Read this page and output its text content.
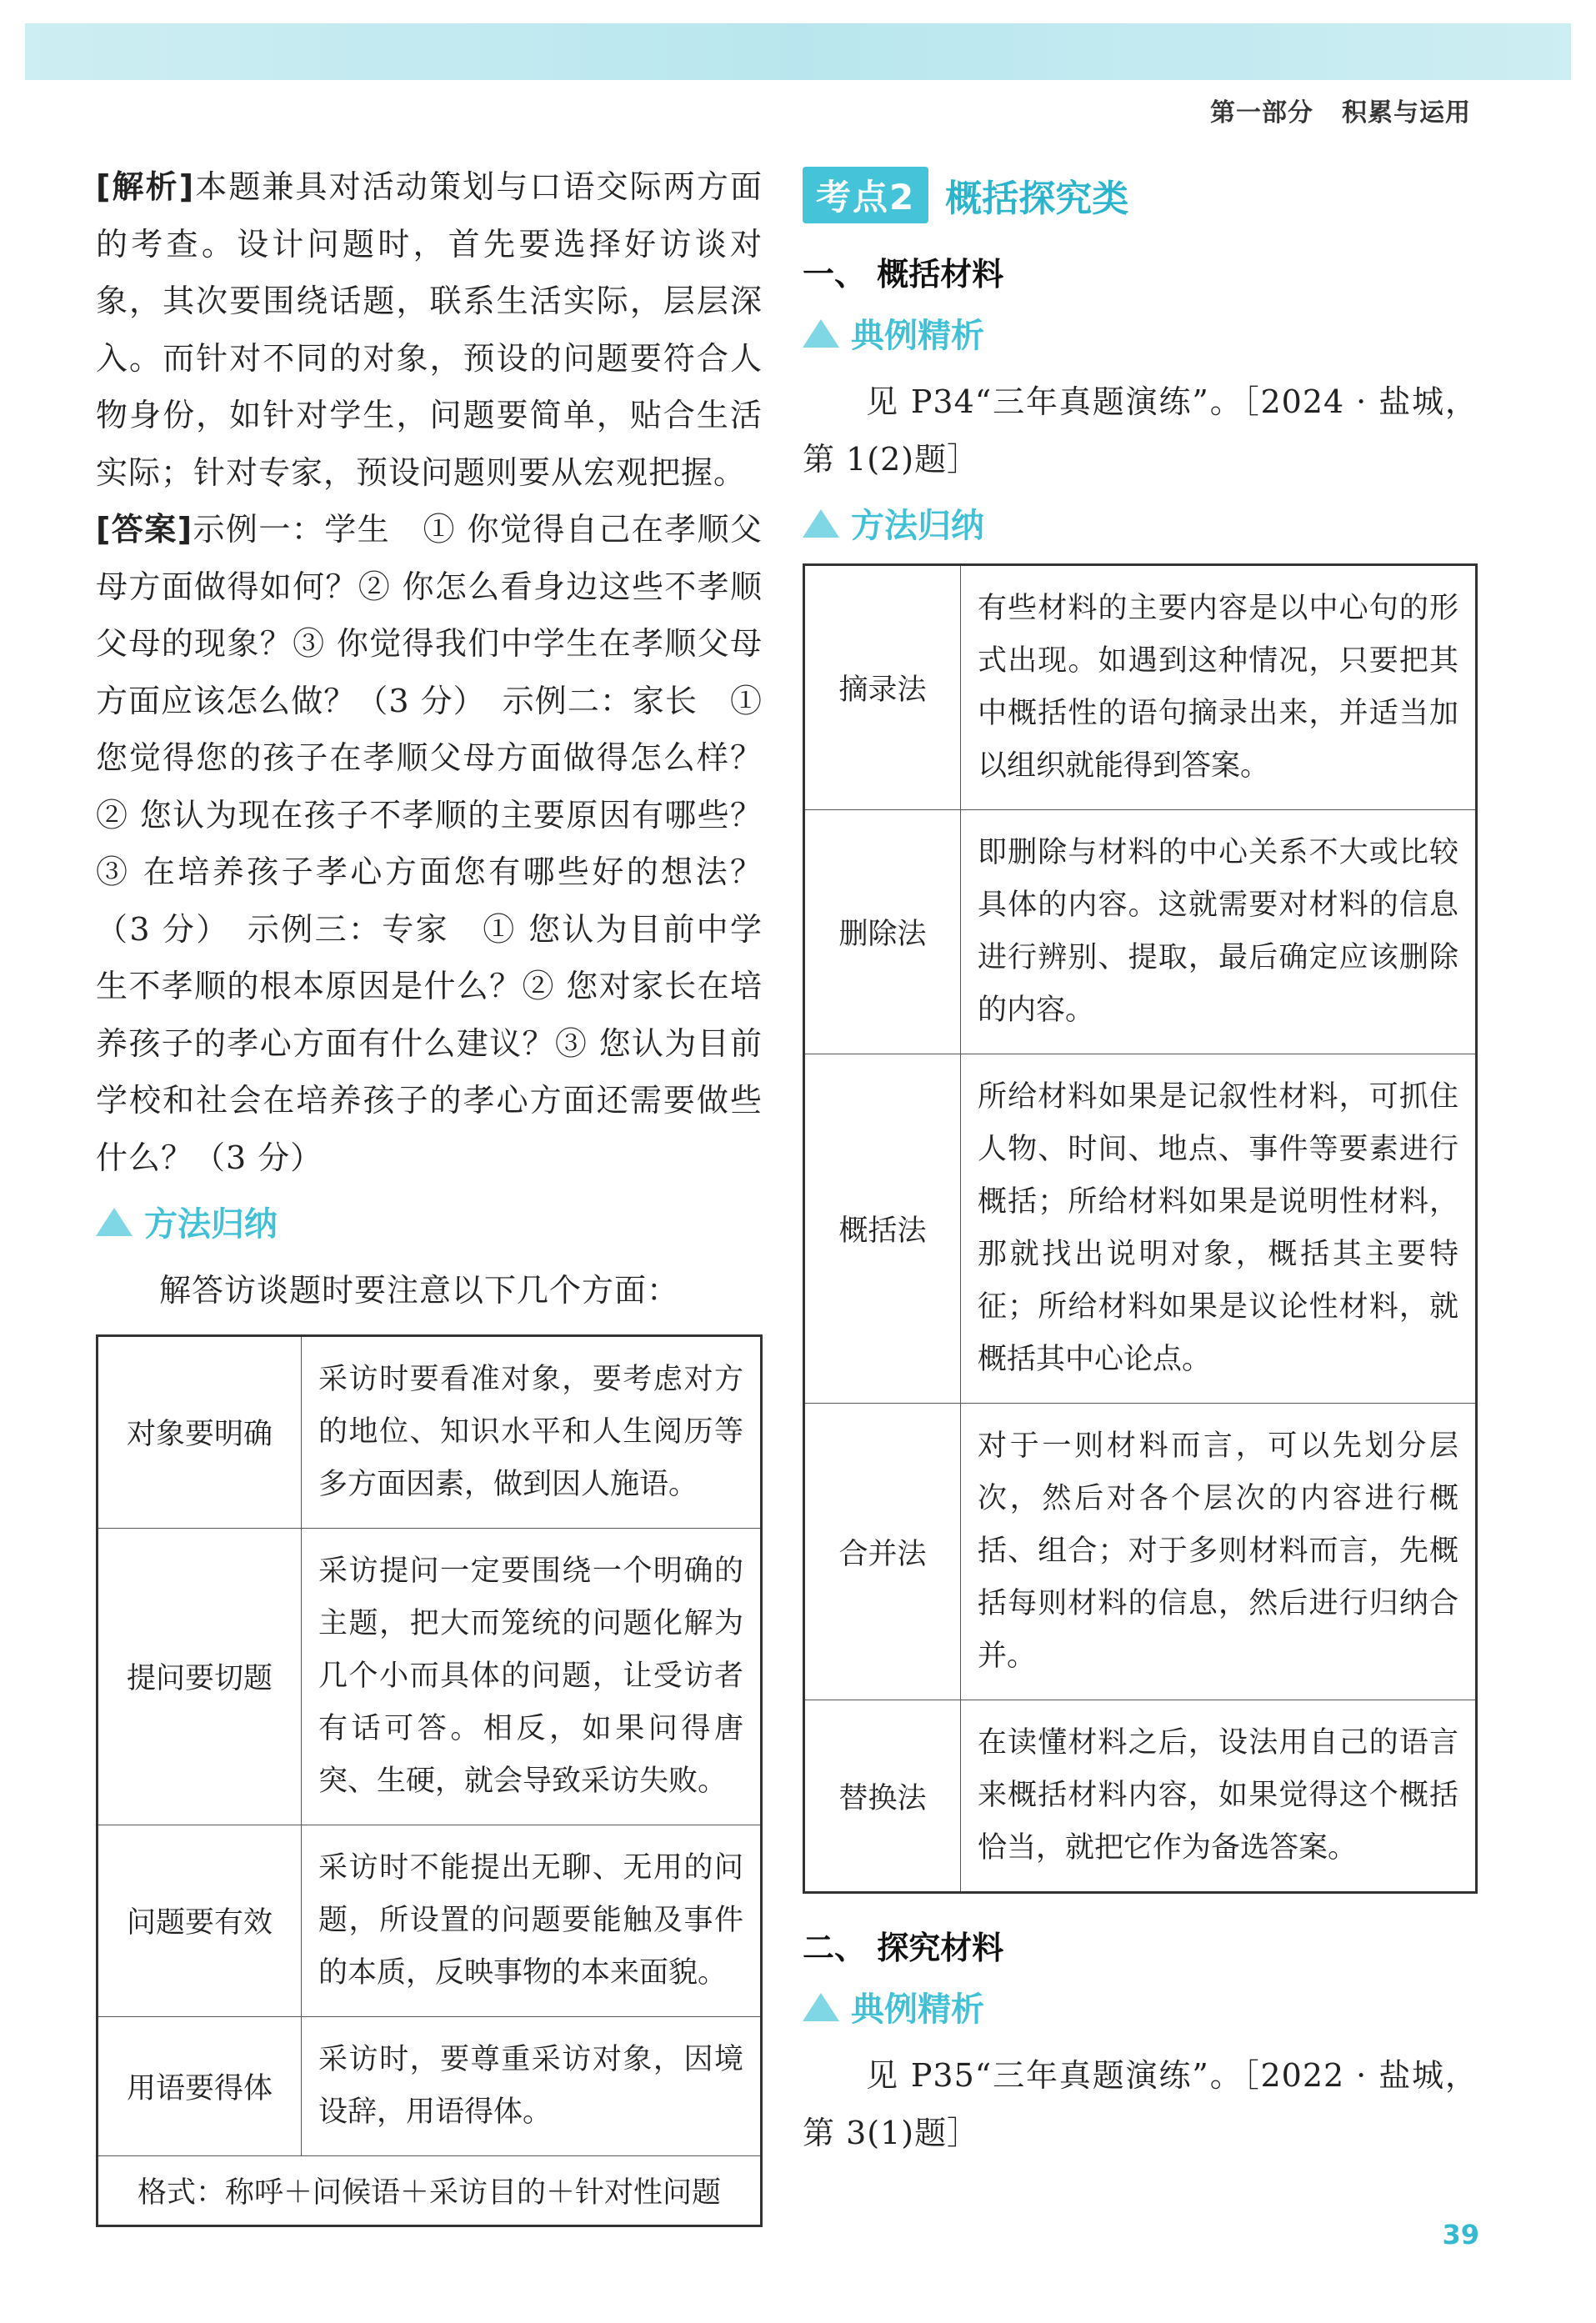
第一部分 积累与运用

[解析]本题兼具对活动策划与口语交际两方面的考查。设计问题时，首先要选择好访谈对象，其次要围绕话题，联系生活实际，层层深入。而针对不同的对象，预设的问题要符合人物身份，如针对学生，问题要简单，贴合生活实际；针对专家，预设问题则要从宏观把握。

[答案]示例一：学生　① 你觉得自己在孝顺父母方面做得如何？② 你怎么看身边这些不孝顺父母的现象？③ 你觉得我们中学生在孝顺父母方面应该怎么做？（3 分）　示例二：家长　① 您觉得您的孩子在孝顺父母方面做得怎么样？② 您认为现在孩子不孝顺的主要原因有哪些？③ 在培养孩子孝心方面您有哪些好的想法？（3 分）　示例三：专家　① 您认为目前中学生不孝顺的根本原因是什么？② 您对家长在培养孩子的孝心方面有什么建议？③ 您认为目前学校和社会在培养孩子的孝心方面还需要做些什么？（3 分）

方法归纳

解答访谈题时要注意以下几个方面：

对象要明确	采访时要看准对象，要考虑对方的地位、知识水平和人生阅历等多方面因素，做到因人施语。
提问要切题	采访提问一定要围绕一个明确的主题，把大而笼统的问题化解为几个小而具体的问题，让受访者有话可答。相反，如果问得唐突、生硬，就会导致采访失败。
问题要有效	采访时不能提出无聊、无用的问题，所设置的问题要能触及事件的本质，反映事物的本来面貌。
用语要得体	采访时，要尊重采访对象，因境设辞，用语得体。
格式：称呼＋问候语＋采访目的＋针对性问题	
考点2 概括探究类
一、 概括材料
典例精析

见 P34“三年真题演练”。［2024 · 盐城，第 1(2)题］

方法归纳
摘录法	有些材料的主要内容是以中心句的形式出现。如遇到这种情况，只要把其中概括性的语句摘录出来，并适当加以组织就能得到答案。
删除法	即删除与材料的中心关系不大或比较具体的内容。这就需要对材料的信息进行辨别、提取，最后确定应该删除的内容。
概括法	所给材料如果是记叙性材料，可抓住人物、时间、地点、事件等要素进行概括；所给材料如果是说明性材料，那就找出说明对象，概括其主要特征；所给材料如果是议论性材料，就概括其中心论点。
合并法	对于一则材料而言，可以先划分层次，然后对各个层次的内容进行概括、组合；对于多则材料而言，先概括每则材料的信息，然后进行归纳合并。
替换法	在读懂材料之后，设法用自己的语言来概括材料内容，如果觉得这个概括恰当，就把它作为备选答案。
二、 探究材料
典例精析

见 P35“三年真题演练”。［2022 · 盐城，第 3(1)题］

39
